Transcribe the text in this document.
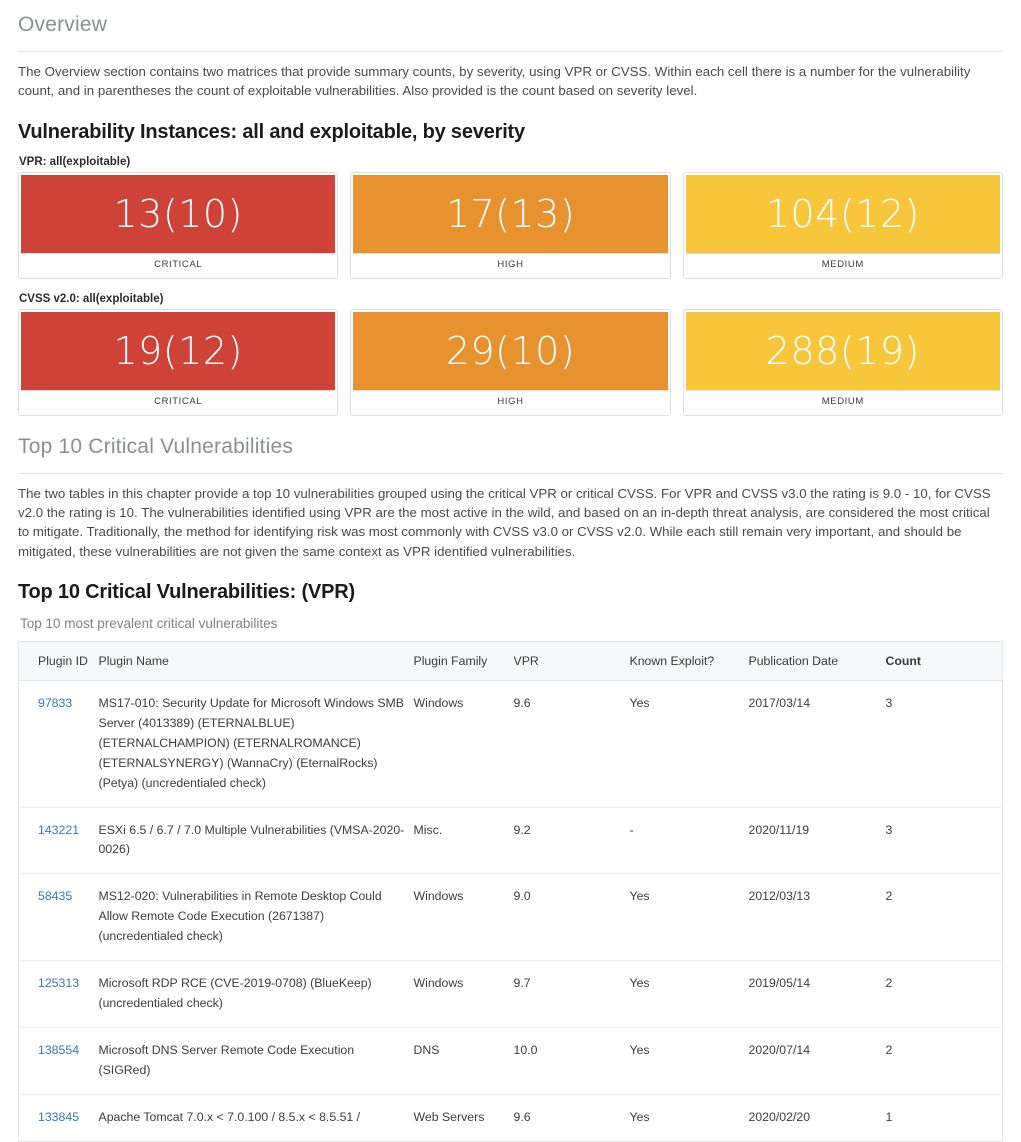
Overview

The Overview section contains two matrices that provide summary counts, by severity, using VPR or CVSS. Within each cell there is a number for the vulnerability count, and in parentheses the count of exploitable vulnerabilities. Also provided is the count based on severity level.

Vulnerability Instances: all and exploitable, by severity
VPR: all(exploitable)
13(10)
CRITICAL
17(13)
HIGH
104(12)
MEDIUM
CVSS v2.0: all(exploitable)
19(12)
CRITICAL
29(10)
HIGH
288(19)
MEDIUM
Top 10 Critical Vulnerabilities

The two tables in this chapter provide a top 10 vulnerabilities grouped using the critical VPR or critical CVSS. For VPR and CVSS v3.0 the rating is 9.0 - 10, for CVSS v2.0 the rating is 10. The vulnerabilities identified using VPR are the most active in the wild, and based on an in-depth threat analysis, are considered the most critical to mitigate. Traditionally, the method for identifying risk was most commonly with CVSS v3.0 or CVSS v2.0. While each still remain very important, and should be mitigated, these vulnerabilities are not given the same context as VPR identified vulnerabilities.

Top 10 Critical Vulnerabilities: (VPR)
Top 10 most prevalent critical vulnerabilites
Plugin ID	Plugin Name	Plugin Family	VPR	Known Exploit?	Publication Date	Count
97833	MS17-010: Security Update for Microsoft Windows SMB Server (4013389) (ETERNALBLUE) (ETERNALCHAMPION) (ETERNALROMANCE) (ETERNALSYNERGY) (WannaCry) (EternalRocks) (Petya) (uncredentialed check)	Windows	9.6	Yes	2017/03/14	3
143221	ESXi 6.5 / 6.7 / 7.0 Multiple Vulnerabilities (VMSA-2020-0026)	Misc.	9.2	-	2020/11/19	3
58435	MS12-020: Vulnerabilities in Remote Desktop Could Allow Remote Code Execution (2671387) (uncredentialed check)	Windows	9.0	Yes	2012/03/13	2
125313	Microsoft RDP RCE (CVE-2019-0708) (BlueKeep) (uncredentialed check)	Windows	9.7	Yes	2019/05/14	2
138554	Microsoft DNS Server Remote Code Execution (SIGRed)	DNS	10.0	Yes	2020/07/14	2
133845	Apache Tomcat 7.0.x < 7.0.100 / 8.5.x < 8.5.51 /	Web Servers	9.6	Yes	2020/02/20	1
